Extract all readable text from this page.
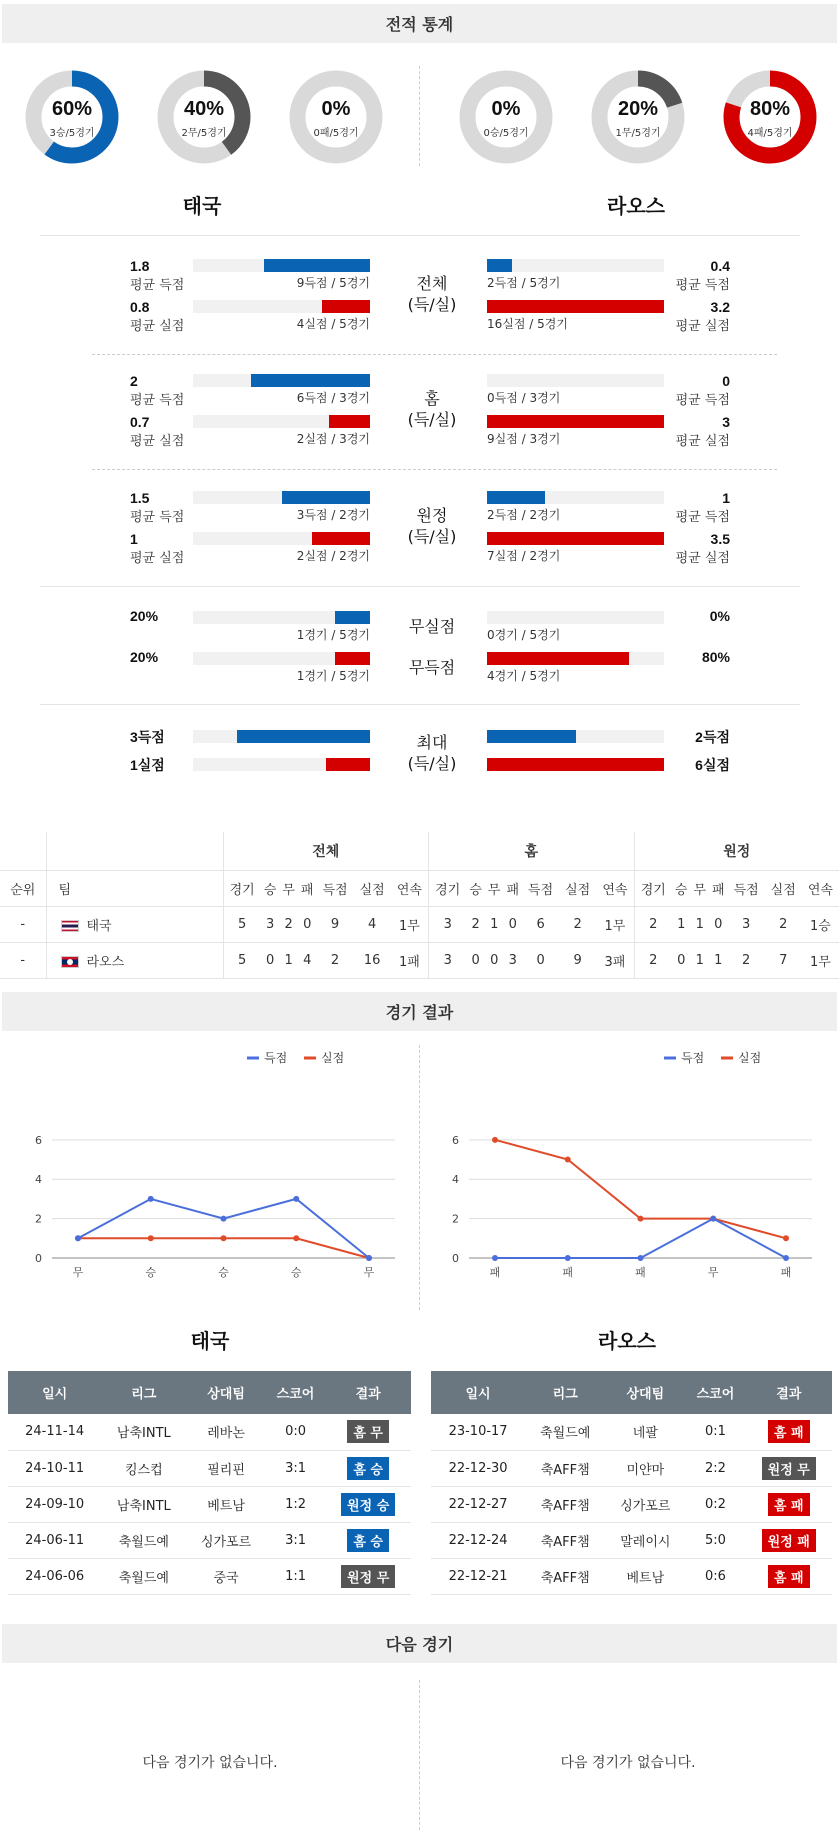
전적 통계
60%
3승/5경기
40%
2무/5경기
0%
0패/5경기
0%
0승/5경기
20%
1무/5경기
80%
4패/5경기
태국	라오스
1.8
평균 득점	9득점 / 5경기	2득점 / 5경기
0.4
평균 득점
0.8
평균 실점	4실점 / 5경기	16실점 / 5경기
3.2
평균 실점
전체
(득/실)
2
평균 득점	6득점 / 3경기	0득점 / 3경기
0
평균 득점
0.7
평균 실점	2실점 / 3경기	9실점 / 3경기
3
평균 실점
홈
(득/실)
1.5
평균 득점	3득점 / 2경기	2득점 / 2경기
1
평균 득점
1
평균 실점	2실점 / 2경기	7실점 / 2경기
3.5
평균 실점
원정
(득/실)
20%
1경기 / 5경기	무실점	0경기 / 5경기
0%
20%
1경기 / 5경기	무득점	4경기 / 5경기
80%
3득점	2득점
1실점	6실점
최대
(득/실)
		전체							홈							원정						
순위	팀	경기	승	무	패	득점	실점	연속	경기	승	무	패	득점	실점	연속	경기	승	무	패	득점	실점	연속
-	태국	5	3	2	0	9	4	1무	3	2	1	0	6	2	1무	2	1	1	0	3	2	1승
-	라오스	5	0	1	4	2	16	1패	3	0	0	3	0	9	3패	2	0	1	1	2	7	1무
경기 결과
득점	실점
0
2
4
6
무	승	승	승	무
득점	실점
0
2
4
6
패	패	패	무	패
태국	라오스
일시	리그	상대팀	스코어	결과
24-11-14	남축INTL	레바논	0:0	홈 무
24-10-11	킹스컵	필리핀	3:1	홈 승
24-09-10	남축INTL	베트남	1:2	원정 승
24-06-11	축월드예	싱가포르	3:1	홈 승
24-06-06	축월드예	중국	1:1	원정 무
일시	리그	상대팀	스코어	결과
23-10-17	축월드예	네팔	0:1	홈 패
22-12-30	축AFF챔	미얀마	2:2	원정 무
22-12-27	축AFF챔	싱가포르	0:2	홈 패
22-12-24	축AFF챔	말레이시	5:0	원정 패
22-12-21	축AFF챔	베트남	0:6	홈 패
다음 경기
다음 경기가 없습니다.	다음 경기가 없습니다.
